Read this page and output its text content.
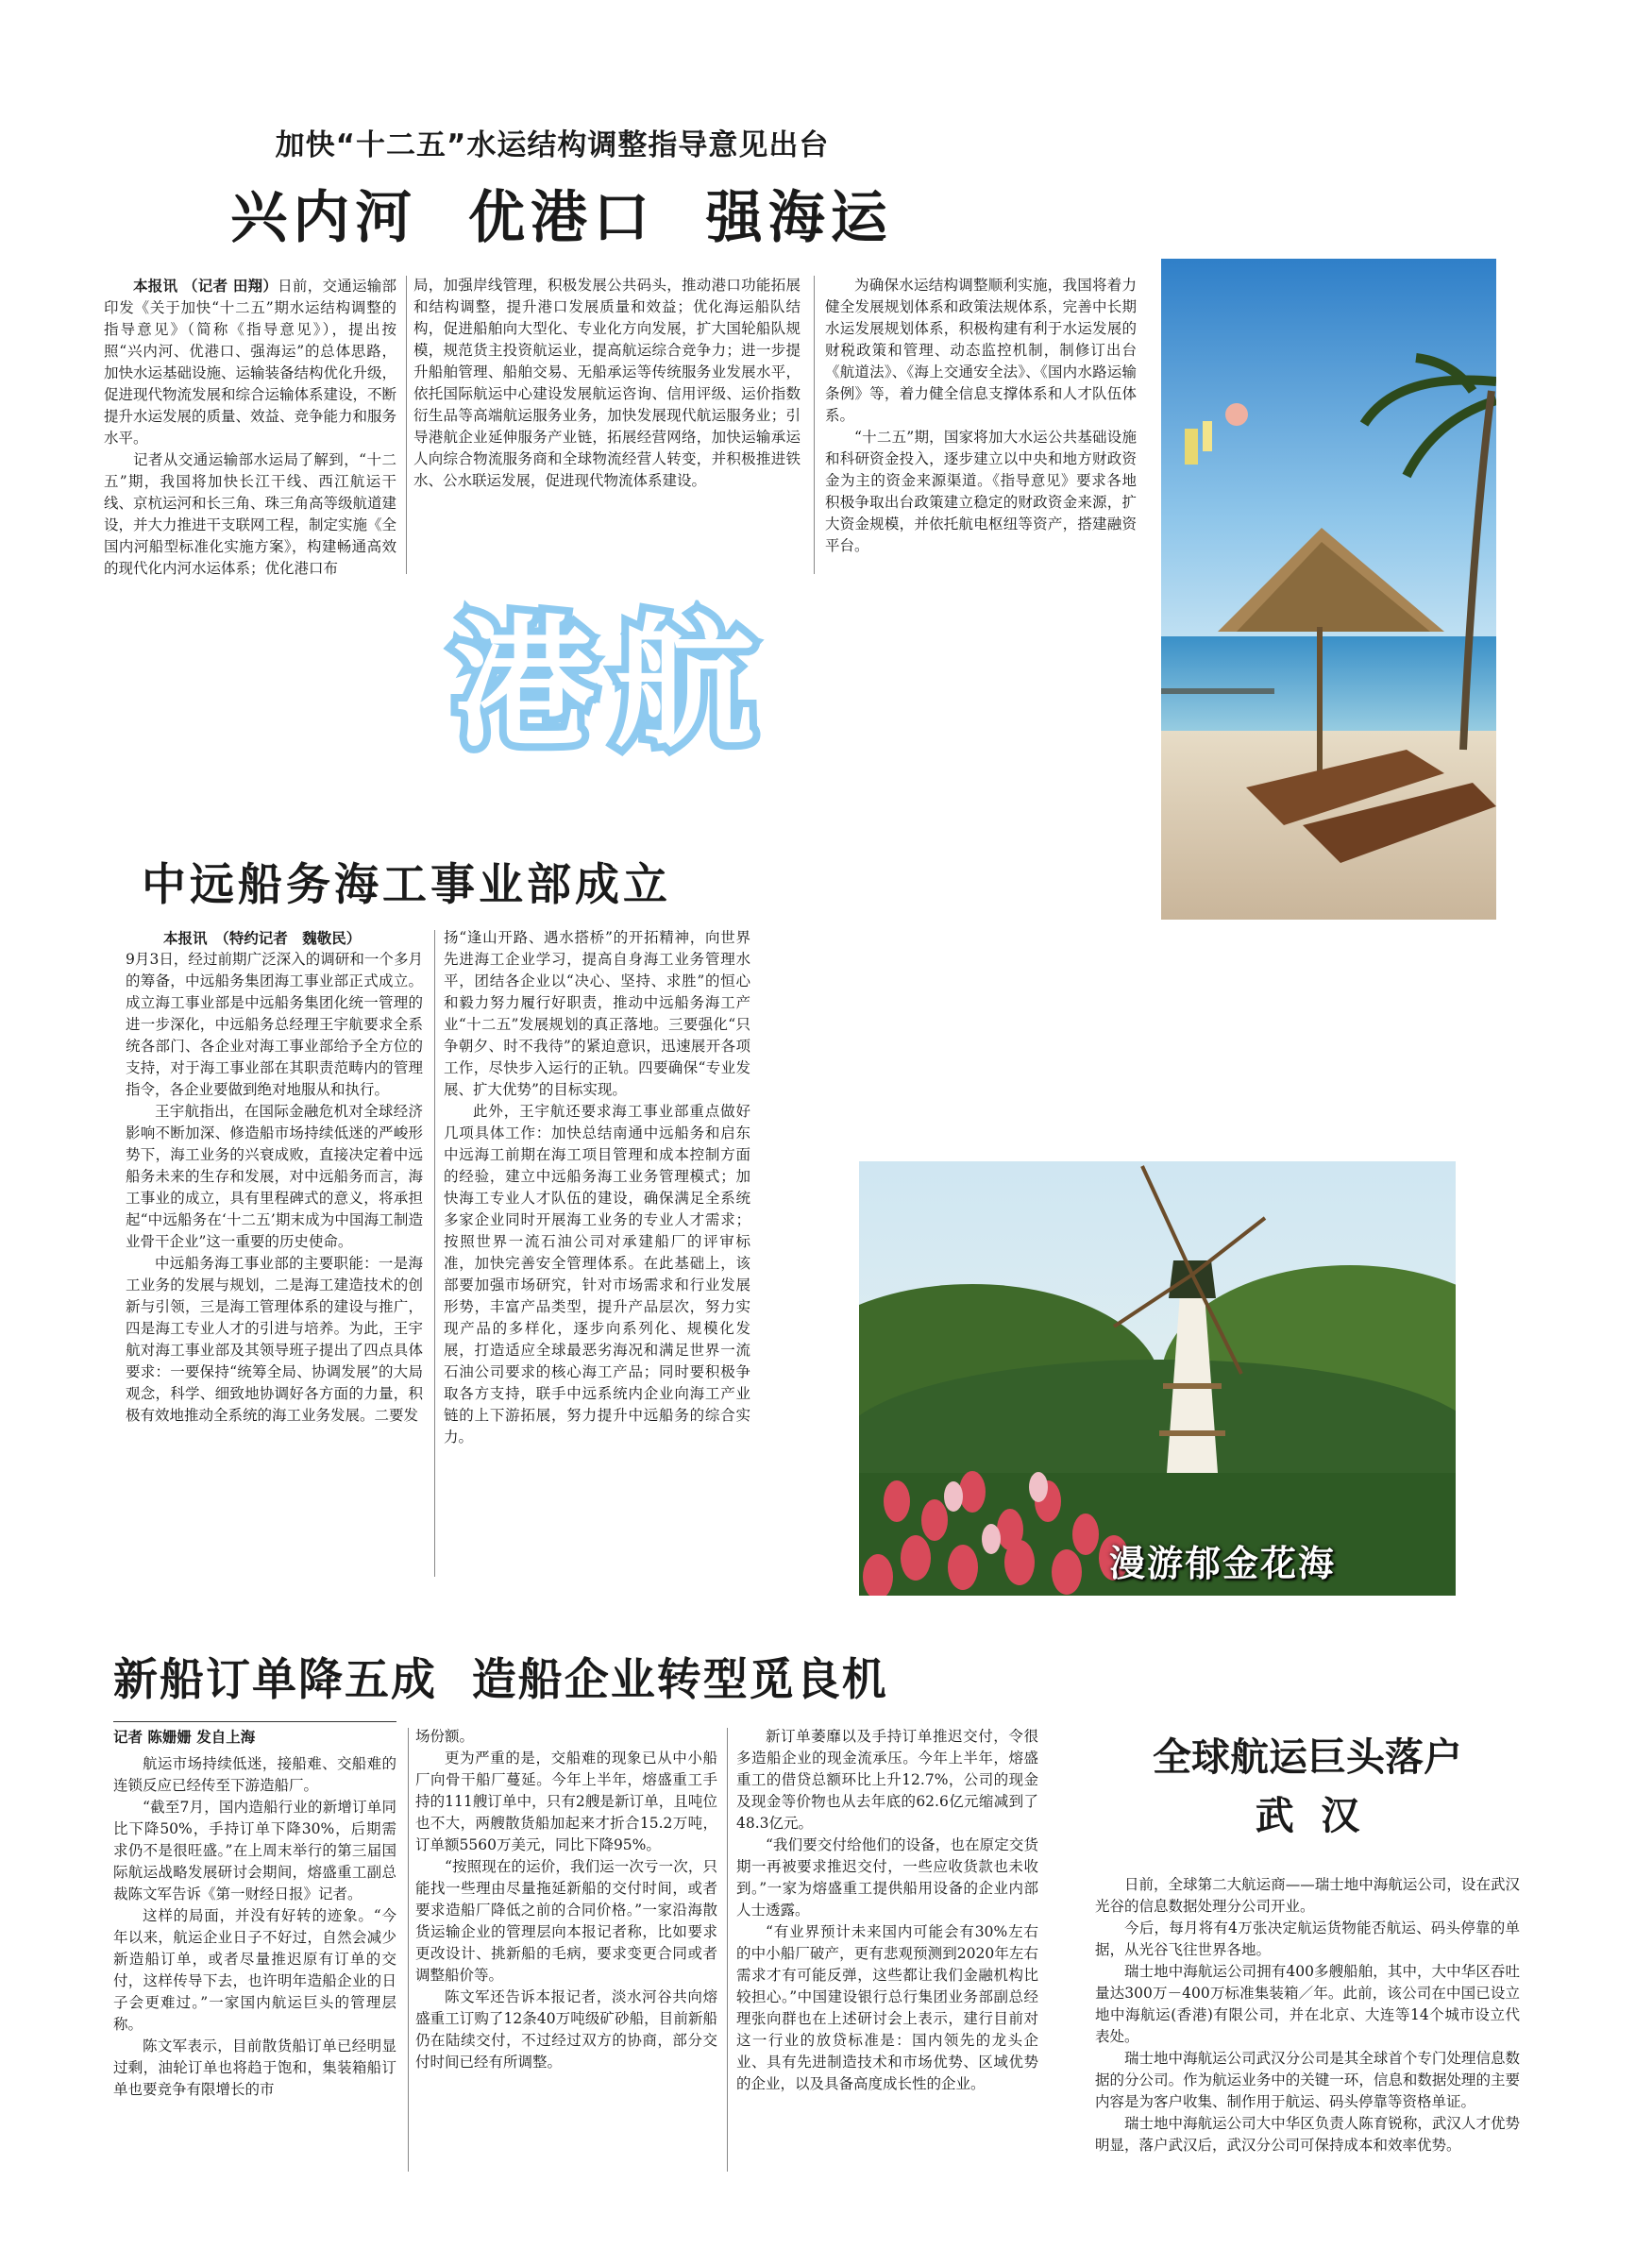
加快“十二五”水运结构调整指导意见出台
兴内河  优港口  强海运

本报讯 （记者 田翔）日前，交通运输部印发《关于加快“十二五”期水运结构调整的指导意见》（简称《指导意见》），提出按照“兴内河、优港口、强海运”的总体思路，加快水运基础设施、运输装备结构优化升级，促进现代物流发展和综合运输体系建设，不断提升水运发展的质量、效益、竞争能力和服务水平。

记者从交通运输部水运局了解到，“十二五”期，我国将加快长江干线、西江航运干线、京杭运河和长三角、珠三角高等级航道建设，并大力推进干支联网工程，制定实施《全国内河船型标准化实施方案》，构建畅通高效的现代化内河水运体系；优化港口布

局，加强岸线管理，积极发展公共码头，推动港口功能拓展和结构调整，提升港口发展质量和效益；优化海运船队结构，促进船舶向大型化、专业化方向发展，扩大国轮船队规模，规范货主投资航运业，提高航运综合竞争力；进一步提升船舶管理、船舶交易、无船承运等传统服务业发展水平，依托国际航运中心建设发展航运咨询、信用评级、运价指数衍生品等高端航运服务业务，加快发展现代航运服务业；引导港航企业延伸服务产业链，拓展经营网络，加快运输承运人向综合物流服务商和全球物流经营人转变，并积极推进铁水、公水联运发展，促进现代物流体系建设。

为确保水运结构调整顺利实施，我国将着力健全发展规划体系和政策法规体系，完善中长期水运发展规划体系，积极构建有利于水运发展的财税政策和管理、动态监控机制，制修订出台《航道法》、《海上交通安全法》、《国内水路运输条例》等，着力健全信息支撑体系和人才队伍体系。

“十二五”期，国家将加大水运公共基础设施和科研资金投入，逐步建立以中央和地方财政资金为主的资金来源渠道。《指导意见》要求各地积极争取出台政策建立稳定的财政资金来源，扩大资金规模，并依托航电枢纽等资产，搭建融资平台。

港航
中远船务海工事业部成立

本报讯　（特约记者　魏敬民）

9月3日，经过前期广泛深入的调研和一个多月的筹备，中远船务集团海工事业部正式成立。成立海工事业部是中远船务集团化统一管理的进一步深化，中远船务总经理王宇航要求全系统各部门、各企业对海工事业部给予全方位的支持，对于海工事业部在其职责范畴内的管理指令，各企业要做到绝对地服从和执行。

王宇航指出，在国际金融危机对全球经济影响不断加深、修造船市场持续低迷的严峻形势下，海工业务的兴衰成败，直接决定着中远船务未来的生存和发展，对中远船务而言，海工事业的成立，具有里程碑式的意义，将承担起“中远船务在‘十二五’期末成为中国海工制造业骨干企业”这一重要的历史使命。

中远船务海工事业部的主要职能：一是海工业务的发展与规划，二是海工建造技术的创新与引领，三是海工管理体系的建设与推广，四是海工专业人才的引进与培养。为此，王宇航对海工事业部及其领导班子提出了四点具体要求：一要保持“统筹全局、协调发展”的大局观念，科学、细致地协调好各方面的力量，积极有效地推动全系统的海工业务发展。二要发

扬“逢山开路、遇水搭桥”的开拓精神，向世界先进海工企业学习，提高自身海工业务管理水平，团结各企业以“决心、坚持、求胜”的恒心和毅力努力履行好职责，推动中远船务海工产业“十二五”发展规划的真正落地。三要强化“只争朝夕、时不我待”的紧迫意识，迅速展开各项工作，尽快步入运行的正轨。四要确保“专业发展、扩大优势”的目标实现。

此外，王宇航还要求海工事业部重点做好几项具体工作：加快总结南通中远船务和启东中远海工前期在海工项目管理和成本控制方面的经验，建立中远船务海工业务管理模式；加快海工专业人才队伍的建设，确保满足全系统多家企业同时开展海工业务的专业人才需求；按照世界一流石油公司对承建船厂的评审标准，加快完善安全管理体系。在此基础上，该部要加强市场研究，针对市场需求和行业发展形势，丰富产品类型，提升产品层次，努力实现产品的多样化，逐步向系列化、规模化发展，打造适应全球最恶劣海况和满足世界一流石油公司要求的核心海工产品；同时要积极争取各方支持，联手中远系统内企业向海工产业链的上下游拓展，努力提升中远船务的综合实力。

漫游郁金花海
新船订单降五成  造船企业转型觅良机

记者 陈姗姗 发自上海

航运市场持续低迷，接船难、交船难的连锁反应已经传至下游造船厂。

“截至7月，国内造船行业的新增订单同比下降50%，手持订单下降30%，后期需求仍不是很旺盛。”在上周末举行的第三届国际航运战略发展研讨会期间，熔盛重工副总裁陈文军告诉《第一财经日报》记者。

这样的局面，并没有好转的迹象。“今年以来，航运企业日子不好过，自然会减少新造船订单，或者尽量推迟原有订单的交付，这样传导下去，也许明年造船企业的日子会更难过。”一家国内航运巨头的管理层称。

陈文军表示，目前散货船订单已经明显过剩，油轮订单也将趋于饱和，集装箱船订单也要竞争有限增长的市

场份额。

更为严重的是，交船难的现象已从中小船厂向骨干船厂蔓延。今年上半年，熔盛重工手持的111艘订单中，只有2艘是新订单，且吨位也不大，两艘散货船加起来才折合15.2万吨，订单额5560万美元，同比下降95%。

“按照现在的运价，我们运一次亏一次，只能找一些理由尽量拖延新船的交付时间，或者要求造船厂降低之前的合同价格。”一家沿海散货运输企业的管理层向本报记者称，比如要求更改设计、挑新船的毛病，要求变更合同或者调整船价等。

陈文军还告诉本报记者，淡水河谷共向熔盛重工订购了12条40万吨级矿砂船，目前新船仍在陆续交付，不过经过双方的协商，部分交付时间已经有所调整。

新订单萎靡以及手持订单推迟交付，令很多造船企业的现金流承压。今年上半年，熔盛重工的借贷总额环比上升12.7%，公司的现金及现金等价物也从去年底的62.6亿元缩减到了48.3亿元。

“我们要交付给他们的设备，也在原定交货期一再被要求推迟交付，一些应收货款也未收到。”一家为熔盛重工提供船用设备的企业内部人士透露。

“有业界预计未来国内可能会有30%左右的中小船厂破产，更有悲观预测到2020年左右需求才有可能反弹，这些都让我们金融机构比较担心。”中国建设银行总行集团业务部副总经理张向群也在上述研讨会上表示，建行目前对这一行业的放贷标准是：国内领先的龙头企业、具有先进制造技术和市场优势、区域优势的企业，以及具备高度成长性的企业。

全球航运巨头落户
武  汉

日前，全球第二大航运商——瑞士地中海航运公司，设在武汉光谷的信息数据处理分公司开业。

今后，每月将有4万张决定航运货物能否航运、码头停靠的单据，从光谷飞往世界各地。

瑞士地中海航运公司拥有400多艘船舶，其中，大中华区吞吐量达300万－400万标准集装箱／年。此前，该公司在中国已设立地中海航运(香港)有限公司，并在北京、大连等14个城市设立代表处。

瑞士地中海航运公司武汉分公司是其全球首个专门处理信息数据的分公司。作为航运业务中的关键一环，信息和数据处理的主要内容是为客户收集、制作用于航运、码头停靠等资格单证。

瑞士地中海航运公司大中华区负责人陈育锐称，武汉人才优势明显，落户武汉后，武汉分公司可保持成本和效率优势。
